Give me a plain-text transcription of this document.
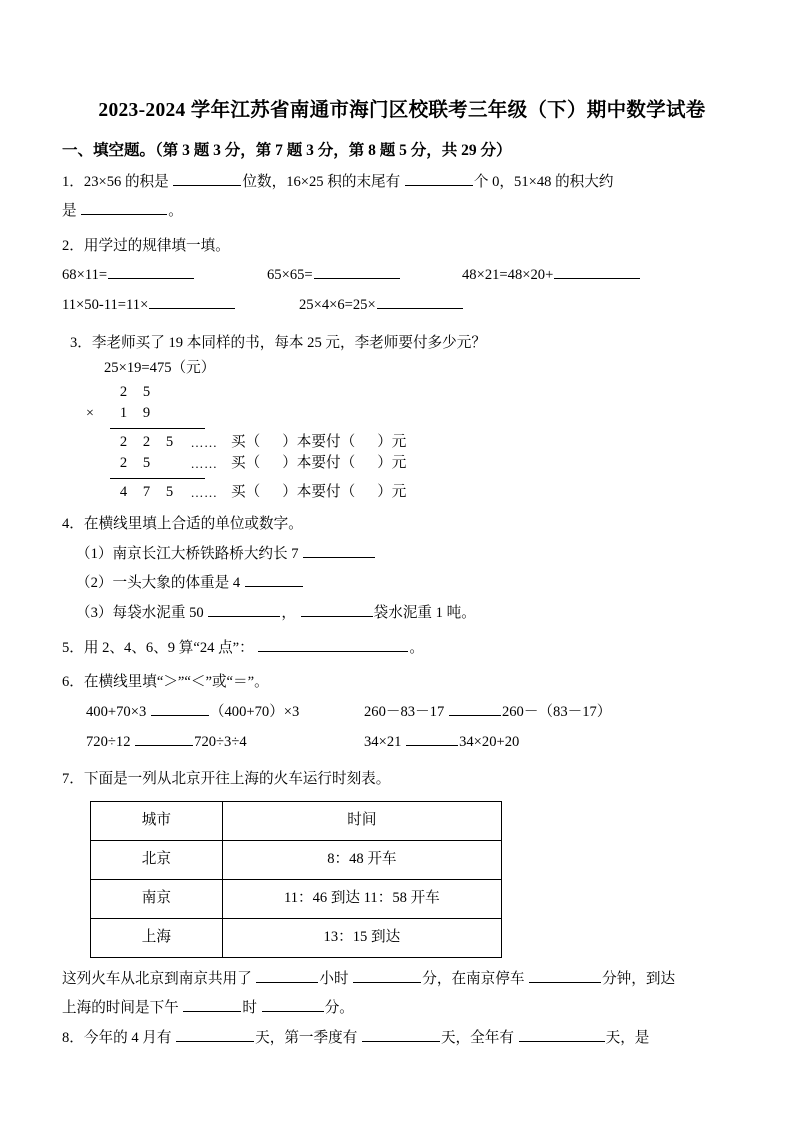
2023-2024 学年江苏省南通市海门区校联考三年级（下）期中数学试卷
一、填空题。（第 3 题 3 分，第 7 题 3 分，第 8 题 5 分，共 29 分）
1．23×56 的积是	位数，16×25 积的末尾有	个 0，51×48 的积大约
是	。
2．用学过的规律填一填。
68×11=	65×65=	48×21=48×20+
11×50-11=11×	25×4×6=25×
3．李老师买了 19 本同样的书，每本 25 元，李老师要付多少元？
25×19=475（元）
2	5
×	1	9
2	2	5	…… 买（ ）本要付（ ）元
2	5	…… 买（ ）本要付（ ）元
4	7	5	…… 买（ ）本要付（ ）元
4．在横线里填上合适的单位或数字。
（1）南京长江大桥铁路桥大约长 7
（2）一头大象的体重是 4
（3）每袋水泥重 50	，	袋水泥重 1 吨。
5．用 2、4、6、9 算“24 点”：	。
6．在横线里填“＞”“＜”或“＝”。
400+70×3	（400+70）×3	260－83－17	260－（83－17）
720÷12	720÷3÷4	34×21	34×20+20
7．下面是一列从北京开往上海的火车运行时刻表。
城市	时间
北京	8：48 开车
南京	11：46 到达 11：58 开车
上海	13：15 到达
这列火车从北京到南京共用了	小时	分，在南京停车	分钟，到达
上海的时间是下午	时	分。
8．今年的 4 月有	天，第一季度有	天，全年有	天，是
